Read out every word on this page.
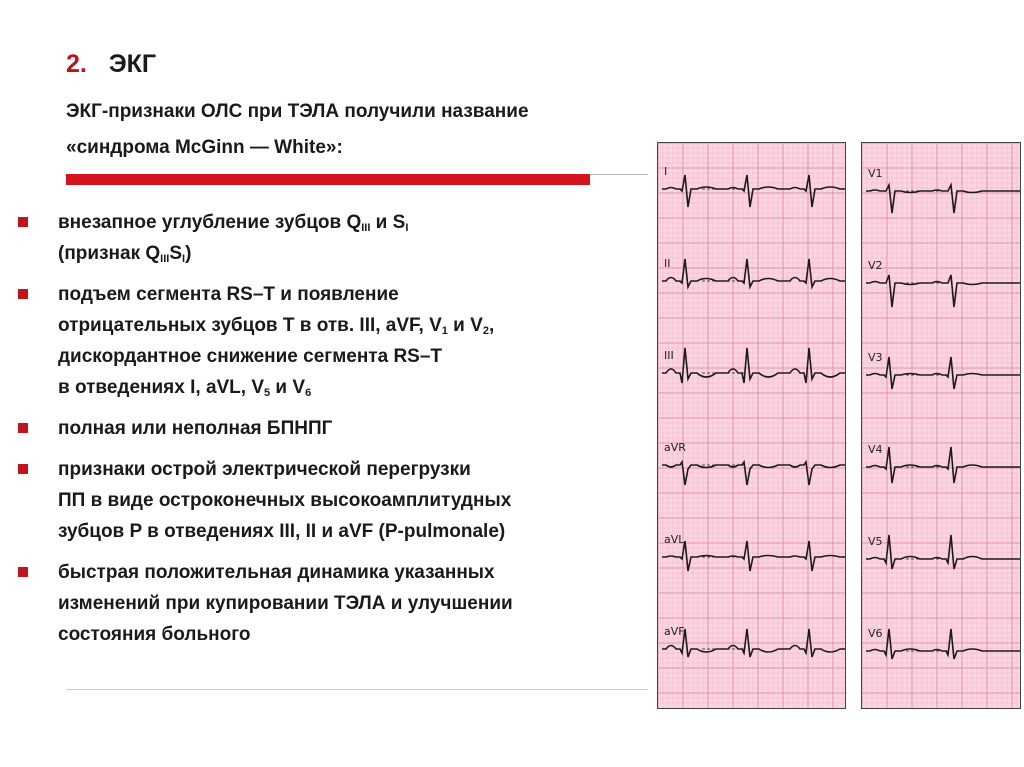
2. ЭКГ
ЭКГ-признаки ОЛС при ТЭЛА получили название
«синдрома McGinn — White»:
внезапное углубление зубцов $Q_{III}$ и $S_I$
(признак $Q_{III}S_I$)
подъем сегмента RS–T и появление
отрицательных зубцов Т в отв. III, aVF, $V_1$ и $V_2$,
дискордантное снижение сегмента RS–T
в отведениях I, aVL, $V_5$ и $V_6$
полная или неполная БПНПГ
признаки острой электрической перегрузки
ПП в виде остроконечных высокоамплитудных
зубцов P в отведениях III, II и aVF (P-pulmonale)
быстрая положительная динамика указанных
изменений при купировании ТЭЛА и улучшении
состояния больного
I
II
III
aVR
aVL
aVF
V1
V2
V3
V4
V5
V6
